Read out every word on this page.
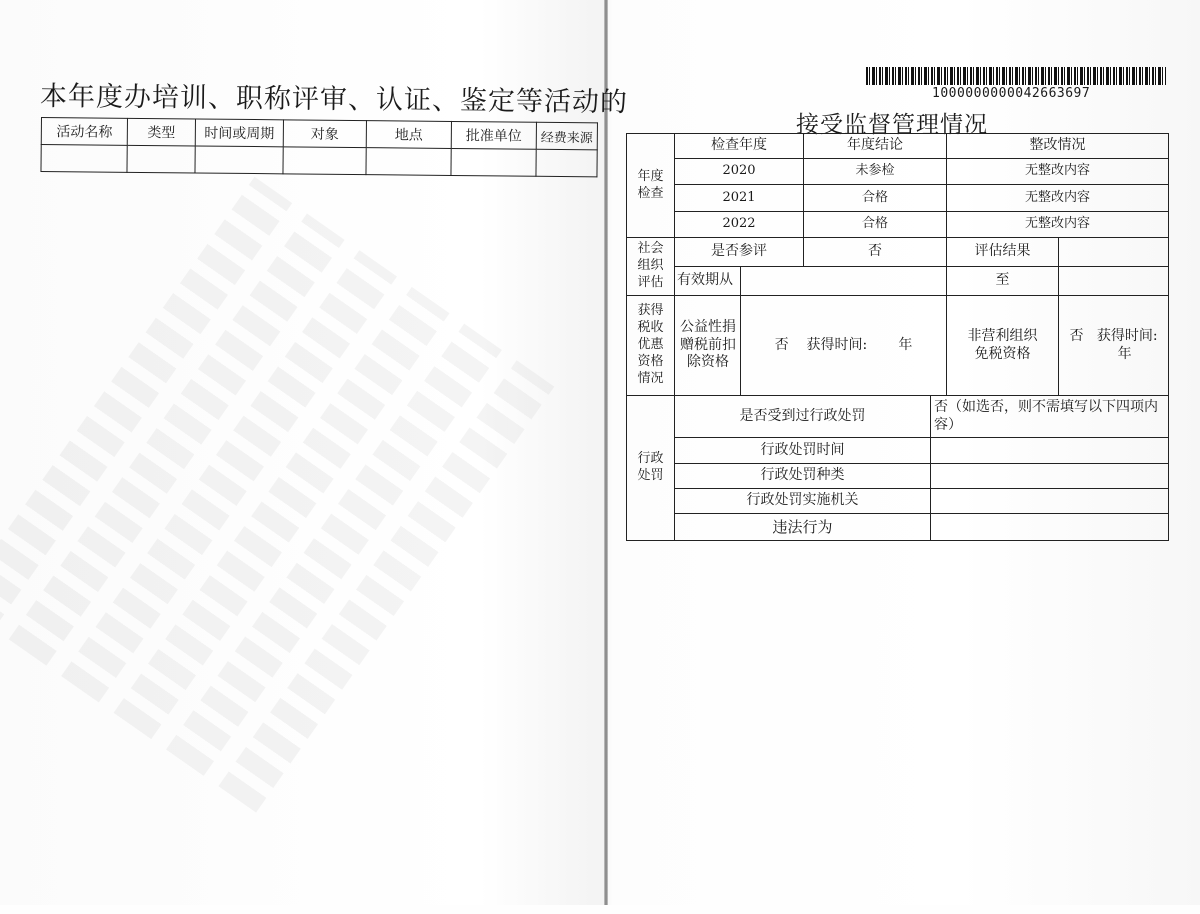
本年度办培训、职称评审、认证、鉴定等活动的
活动名称	类型	时间或周期	对象	地点	批准单位	经费来源

1000000000042663697
接受监督管理情况
年度检查	检查年度		年度结论		整改情况	
	2020		未参检		无整改内容	
	2021		合格		无整改内容	
	2022		合格		无整改内容	
社会组织评估	是否参评		否		评估结果	
	有效期从				至	
获得税收优惠资格情况	公益性捐赠税前扣除资格	否 获得时间: 年			非营利组织免税资格	否 获得时间:      年
行政处罚	是否受到过行政处罚			否（如选否，则不需填写以下四项内容）		
	行政处罚时间					
	行政处罚种类					
	行政处罚实施机关					
	违法行为					
